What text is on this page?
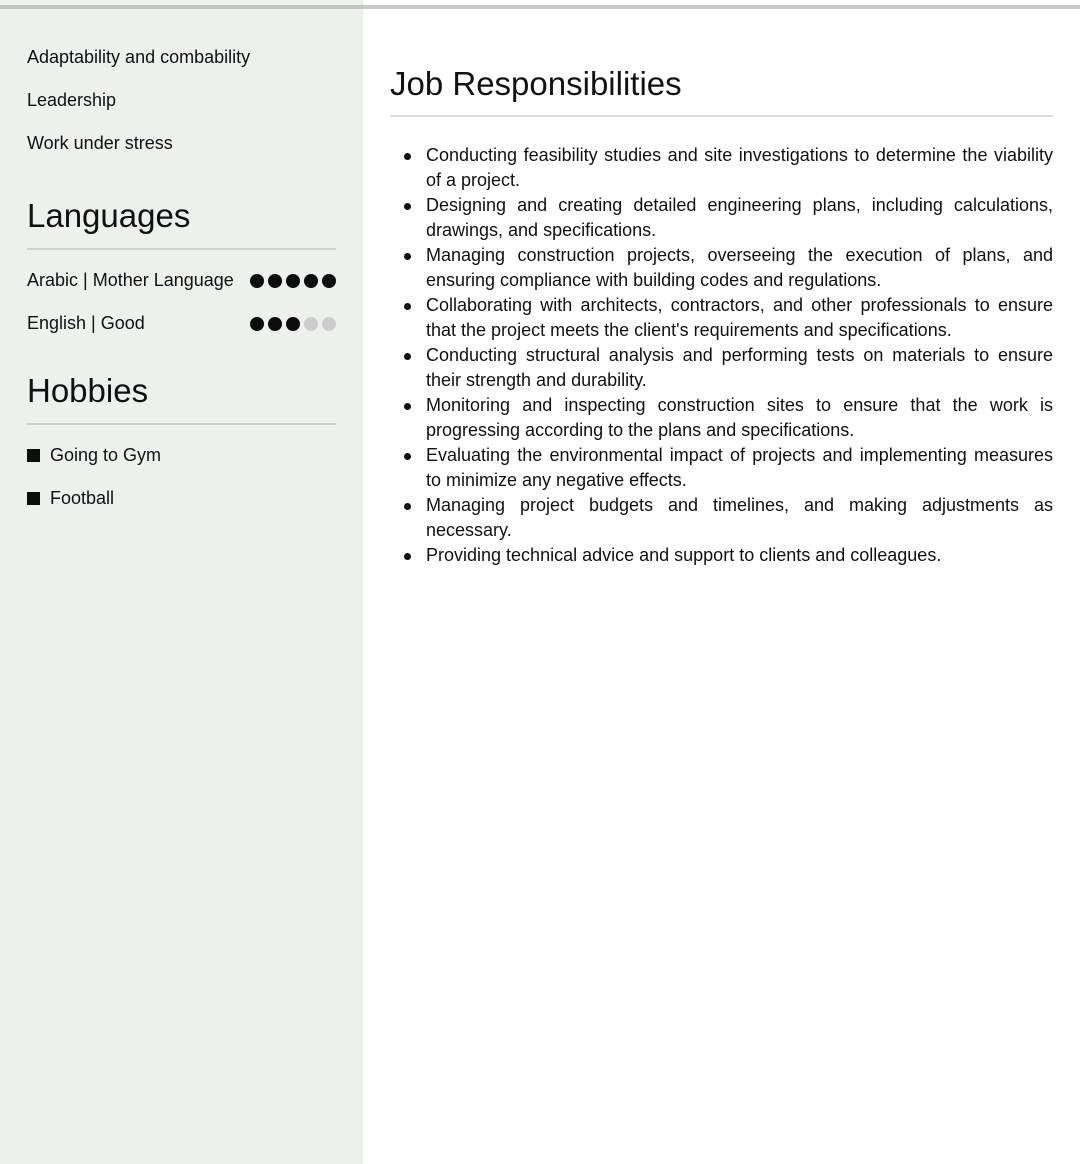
Adaptability and combability
Leadership
Work under stress
Languages
Arabic | Mother Language
English | Good
Hobbies
Going to Gym
Football
Job Responsibilities
Conducting feasibility studies and site investigations to determine the viability of a project.
Designing and creating detailed engineering plans, including calculations, drawings, and specifications.
Managing construction projects, overseeing the execution of plans, and ensuring compliance with building codes and regulations.
Collaborating with architects, contractors, and other professionals to ensure that the project meets the client's requirements and specifications.
Conducting structural analysis and performing tests on materials to ensure their strength and durability.
Monitoring and inspecting construction sites to ensure that the work is progressing according to the plans and specifications.
Evaluating the environmental impact of projects and implementing measures to minimize any negative effects.
Managing project budgets and timelines, and making adjustments as necessary.
Providing technical advice and support to clients and colleagues.
